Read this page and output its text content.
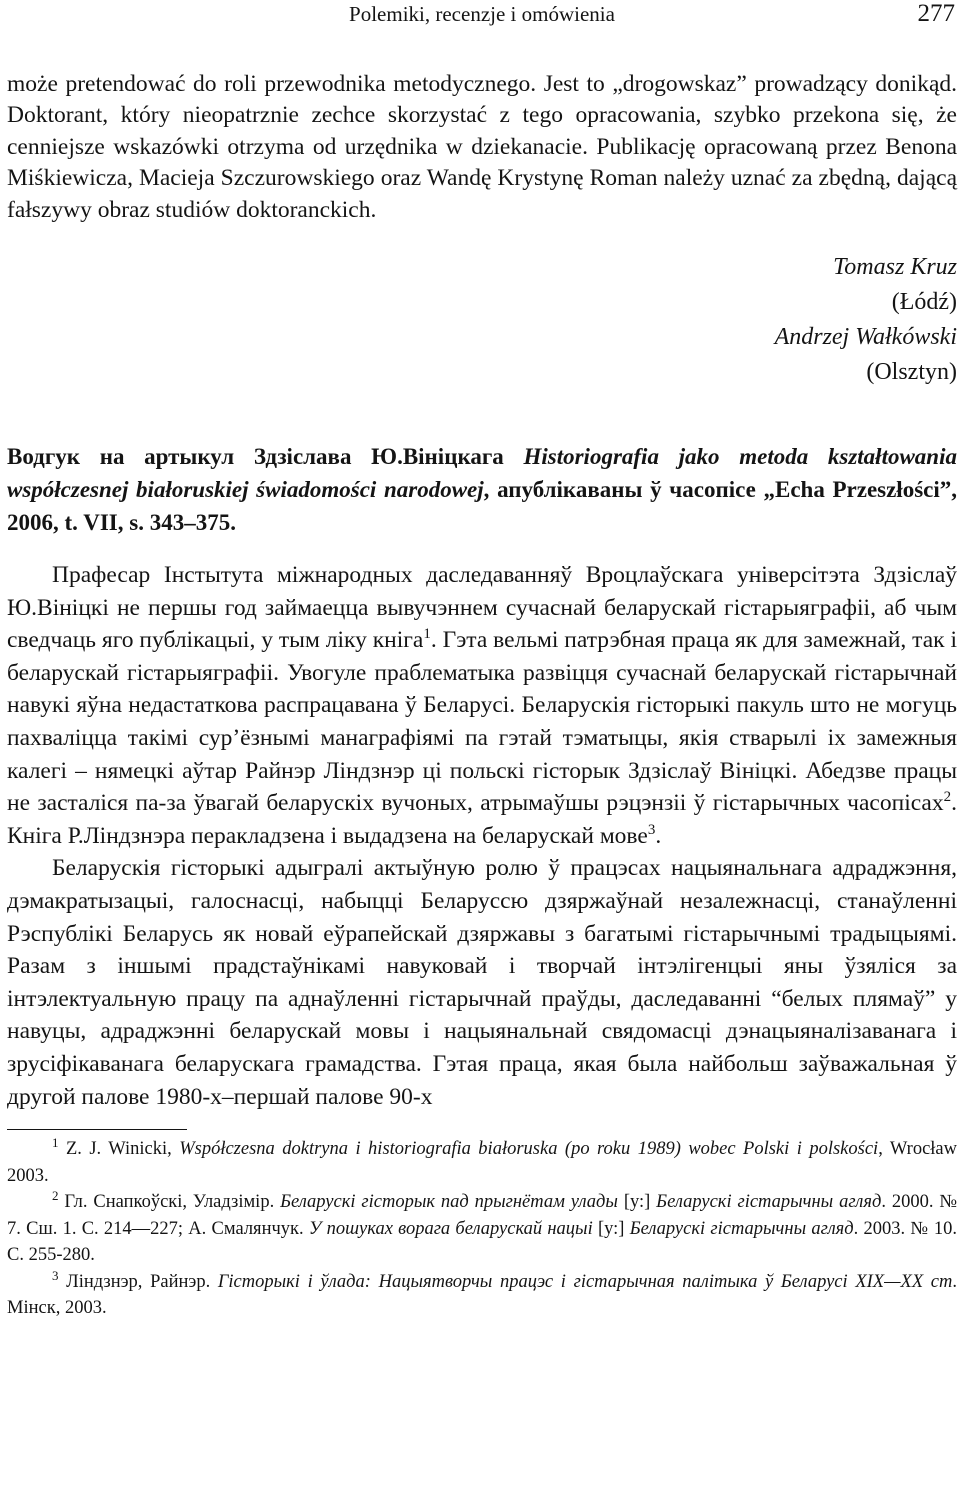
Polemiki, recenzje i omówienia	277

może pretendować do roli przewodnika metodycznego. Jest to „drogowskaz” prowadzący donikąd. Doktorant, który nieopatrznie zechce skorzystać z tego opracowania, szybko przekona się, że cenniejsze wskazówki otrzyma od urzędnika w dziekanacie. Publikację opracowaną przez Benona Miśkiewicza, Macieja Szczurowskiego oraz Wandę Krystynę Roman należy uznać za zbędną, dającą fałszywy obraz studiów doktoranckich.

Tomasz Kruz
(Łódź)
Andrzej Wałkówski
(Olsztyn)
Водгук на артыкул Здзіслава Ю.Вініцкага Historiografia jako metoda kształtowania współczesnej białoruskiej świadomości narodowej, апублікаваны ў часопісе „Echa Przeszłości”, 2006, t. VII, s. 343–375.

Прафесар Інстытута міжнародных даследаванняў Вроцлаўскага універсітэта Здзіслаў Ю.Вініцкі не першы год займаецца вывучэннем сучаснай беларускай гістарыяграфіі, аб чым сведчаць яго публікацыі, у тым ліку кніга$^1$. Гэта вельмі патрэбная праца як для замежнай, так і беларускай гістарыяграфіі. Увогуле праблематыка развіцця сучаснай беларускай гістарычнай навукі яўна недастаткова распрацавана ў Беларусі. Беларускія гісторыкі пакуль што не могуць пахваліцца такімі сур’ёзнымі манаграфіямі па гэтай тэматыцы, якія стварылі іх замежныя калегі – нямецкі аўтар Райнэр Ліндзнэр ці польскі гісторык Здзіслаў Вініцкі. Абедзве працы не засталіся па-за ўвагай беларускіх вучоных, атрымаўшы рэцэнзіі ў гістарычных часопісах$^2$. Кніга Р.Ліндзнэра перакладзена і выдадзена на беларускай мове$^3$.

Беларускія гісторыкі адыгралі актыўную ролю ў працэсах нацыянальнага адраджэння, дэмакратызацыі, галоснасці, набыцці Беларуссю дзяржаўнай незалежнасці, станаўленні Рэспублікі Беларусь як новай еўрапейскай дзяржавы з багатымі гістарычнымі традыцыямі. Разам з іншымі прадстаўнікамі навуковай і творчай інтэлігенцыі яны ўзяліся за інтэлектуальную працу па аднаўленні гістарычнай праўды, даследаванні “белых плямаў” у навуцы, адраджэнні беларускай мовы і нацыянальнай свядомасці дэнацыяналізаванага і зрусіфікаванага беларускага грамадства. Гэтая праца, якая была найбольш заўважальная ў другой палове 1980-х–першай палове 90-х

$^1$ Z. J. Winicki, Współczesna doktryna i historiografia białoruska (po roku 1989) wobec Polski i polskości, Wrocław 2003.

$^2$ Гл. Снапкоўскі, Уладзімір. Беларускі гісторык пад прыгнётам улады [у:] Беларускі гістарычны агляд. 2000. № 7. Сш. 1. С. 214—227; А. Смалянчук. У пошуках ворага беларускай нацыі [у:] Беларускі гістарычны агляд. 2003. № 10. С. 255-280.

$^3$ Ліндзнэр, Райнэр. Гісторыкі і ўлада: Нацыятворчы працэс і гістарычная палітыка ў Беларусі XIX—XX ст. Мінск, 2003.
